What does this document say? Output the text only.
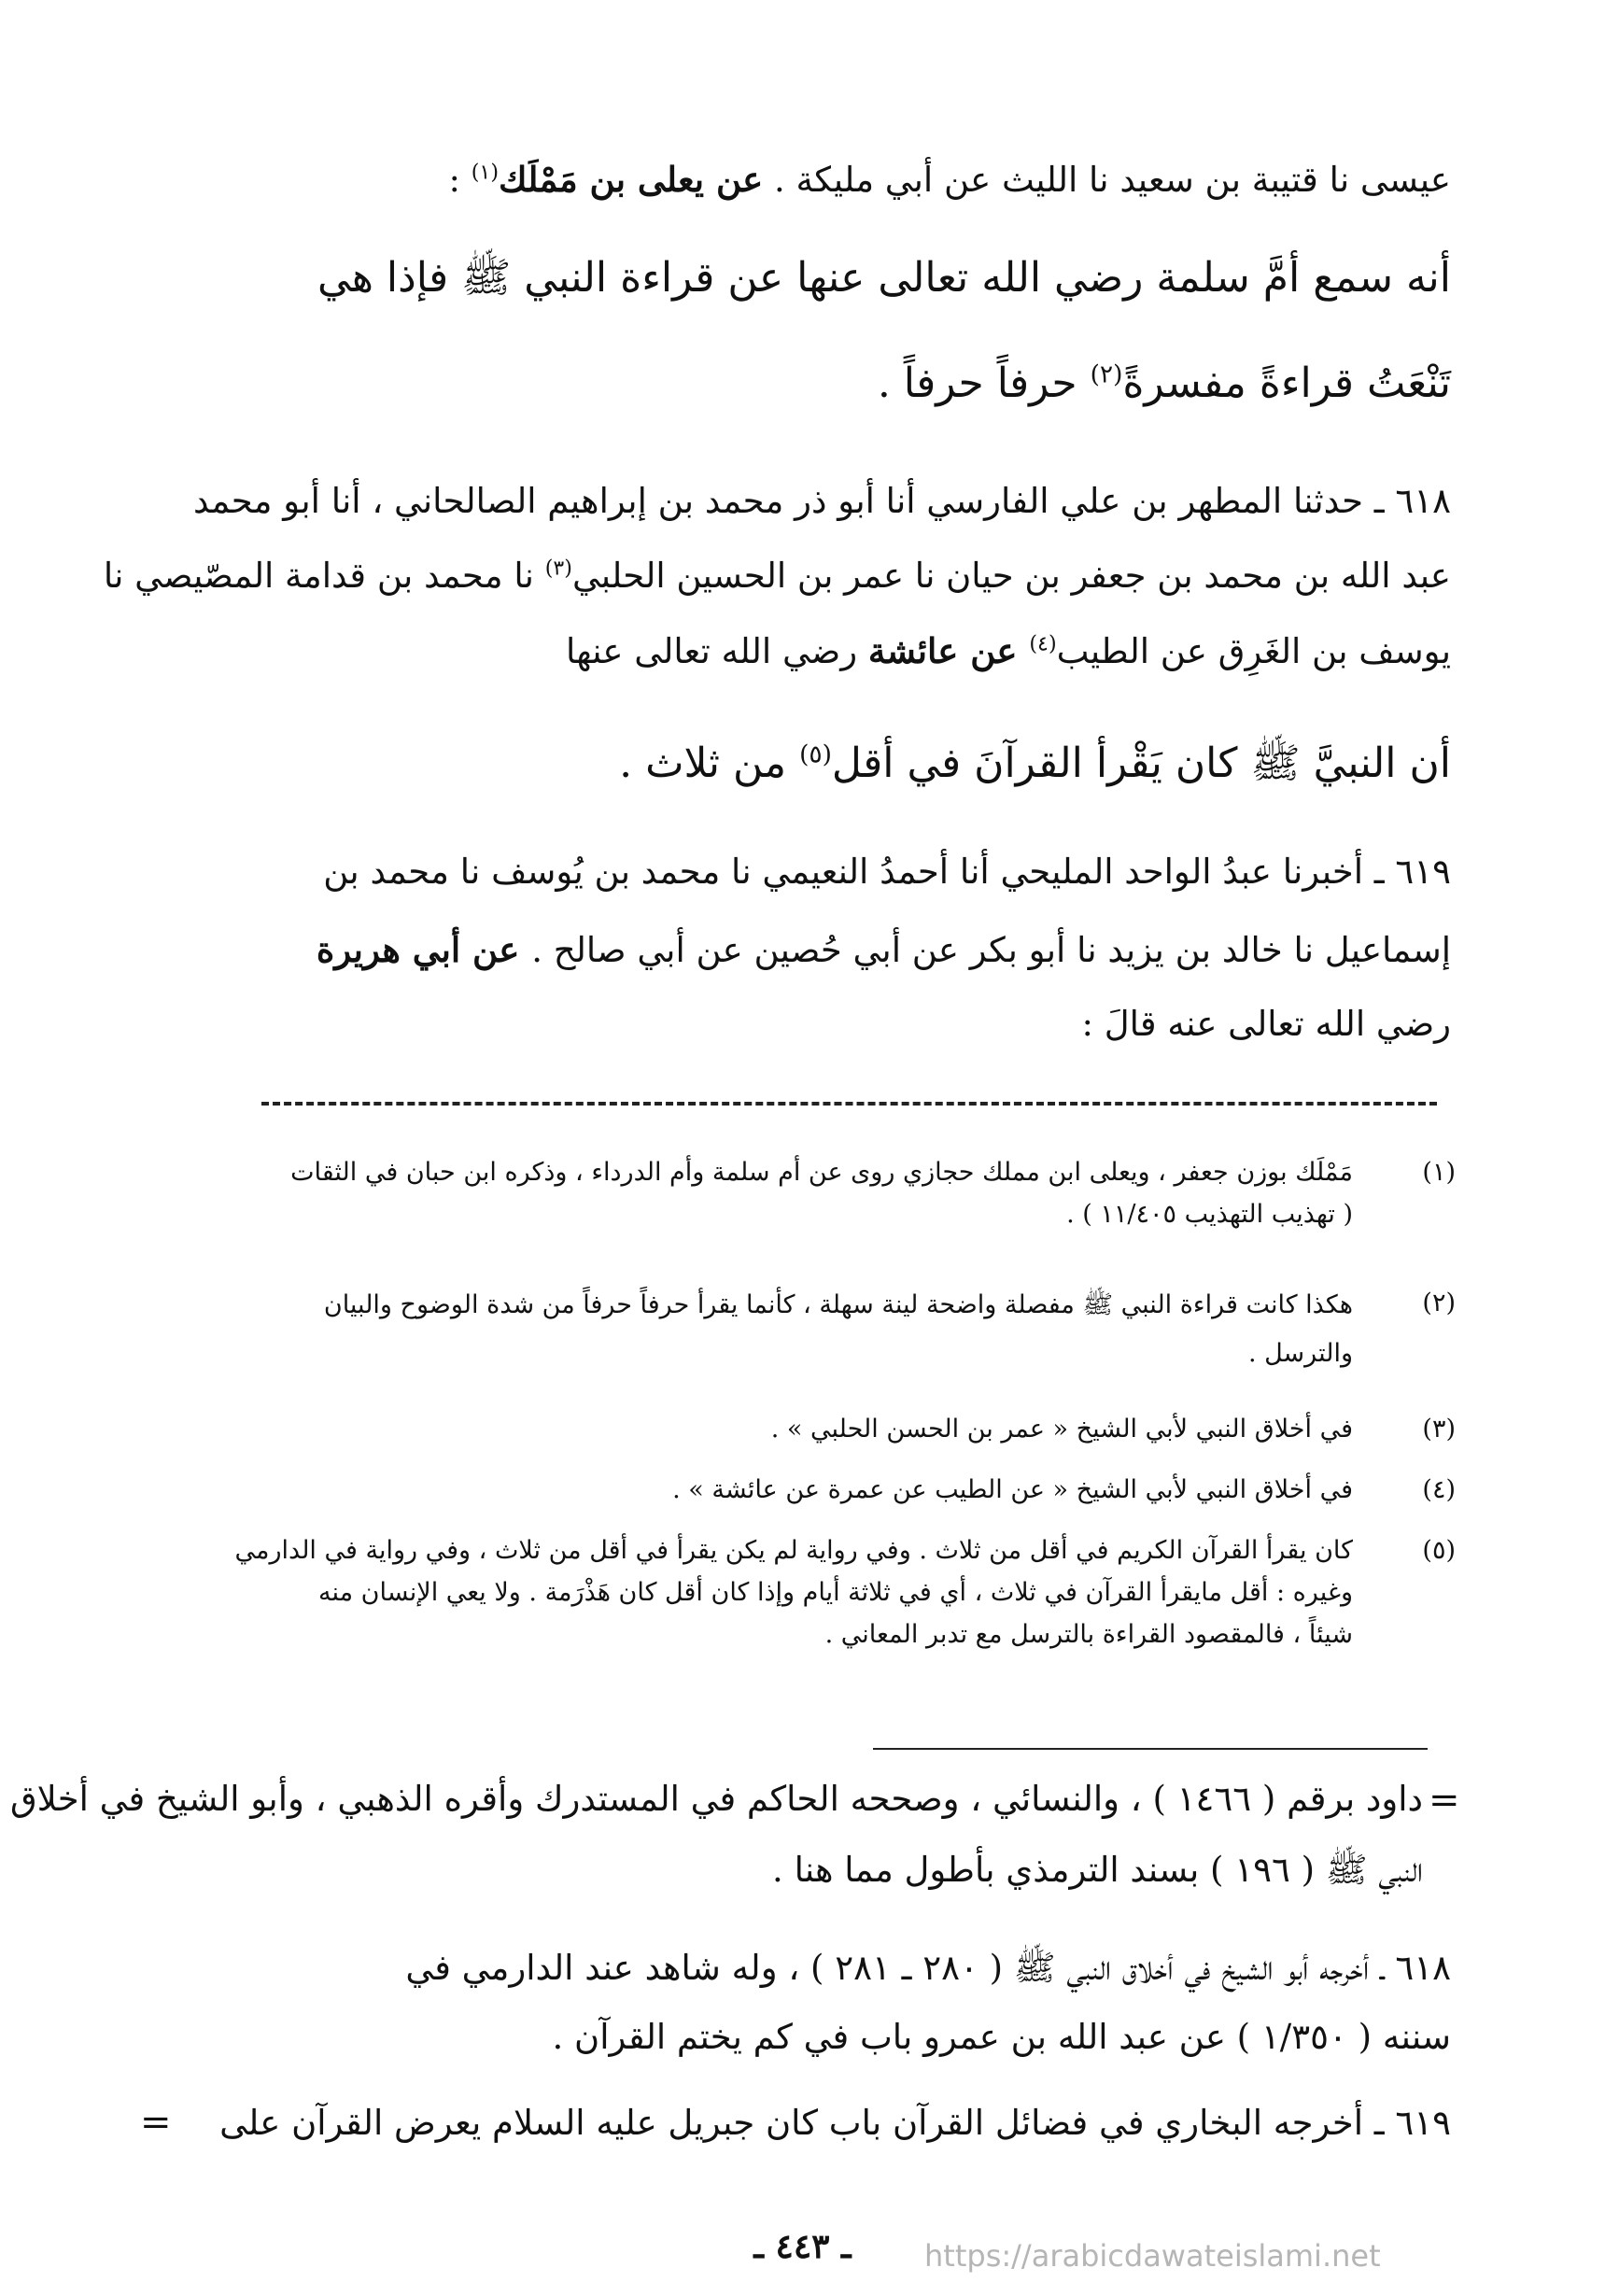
عيسى نا قتيبة بن سعيد نا الليث عن أبي مليكة . عن يعلى بن مَمْلَك$^{(١)}$ :
أنه سمع أمَّ سلمة رضي الله تعالى عنها عن قراءة النبي ﷺ فإذا هي
تَنْعَتُ قراءةً مفسرةً$^{(٢)}$ حرفاً حرفاً .
٦١٨ ـ حدثنا المطهر بن علي الفارسي أنا أبو ذر محمد بن إبراهيم الصالحاني ، أنا أبو محمد
عبد الله بن محمد بن جعفر بن حيان نا عمر بن الحسين الحلبي$^{(٣)}$ نا محمد بن قدامة المصّيصي نا
يوسف بن الغَرِق عن الطيب$^{(٤)}$ عن عائشة رضي الله تعالى عنها
أن النبيَّ ﷺ كان يَقْرأ القرآنَ في أقل$^{(٥)}$ من ثلاث .
٦١٩ ـ أخبرنا عبدُ الواحد المليحي أنا أحمدُ النعيمي نا محمد بن يُوسف نا محمد بن
إسماعيل نا خالد بن يزيد نا أبو بكر عن أبي حُصين عن أبي صالح . عن أبي هريرة
رضي الله تعالى عنه قالَ :
(١)
مَمْلَك بوزن جعفر ، ويعلى ابن مملك حجازي روى عن أم سلمة وأم الدرداء ، وذكره ابن حبان في الثقات
( تهذيب التهذيب ١١/٤٠٥ ) .
(٢)
هكذا كانت قراءة النبي ﷺ مفصلة واضحة لينة سهلة ، كأنما يقرأ حرفاً حرفاً من شدة الوضوح والبيان
والترسل .
(٣)
في أخلاق النبي لأبي الشيخ « عمر بن الحسن الحلبي » .
(٤)
في أخلاق النبي لأبي الشيخ « عن الطيب عن عمرة عن عائشة » .
(٥)
كان يقرأ القرآن الكريم في أقل من ثلاث . وفي رواية لم يكن يقرأ في أقل من ثلاث ، وفي رواية في الدارمي
وغيره : أقل مايقرأ القرآن في ثلاث ، أي في ثلاثة أيام وإذا كان أقل كان هَذْرَمة . ولا يعي الإنسان منه
شيئاً ، فالمقصود القراءة بالترسل مع تدبر المعاني .
=
داود برقم ( ١٤٦٦ ) ، والنسائي ، وصححه الحاكم في المستدرك وأقره الذهبي ، وأبو الشيخ في أخلاق
النبي ﷺ ( ١٩٦ ) بسند الترمذي بأطول مما هنا .
٦١٨ ـ أخرجه أبو الشيخ في أخلاق النبي ﷺ ( ٢٨٠ ـ ٢٨١ ) ، وله شاهد عند الدارمي في
سننه ( ١/٣٥٠ ) عن عبد الله بن عمرو باب في كم يختم القرآن .
٦١٩ ـ أخرجه البخاري في فضائل القرآن باب كان جبريل عليه السلام يعرض القرآن على
=
ـ ٤٤٣ ـ	https://arabicdawateislami.net
